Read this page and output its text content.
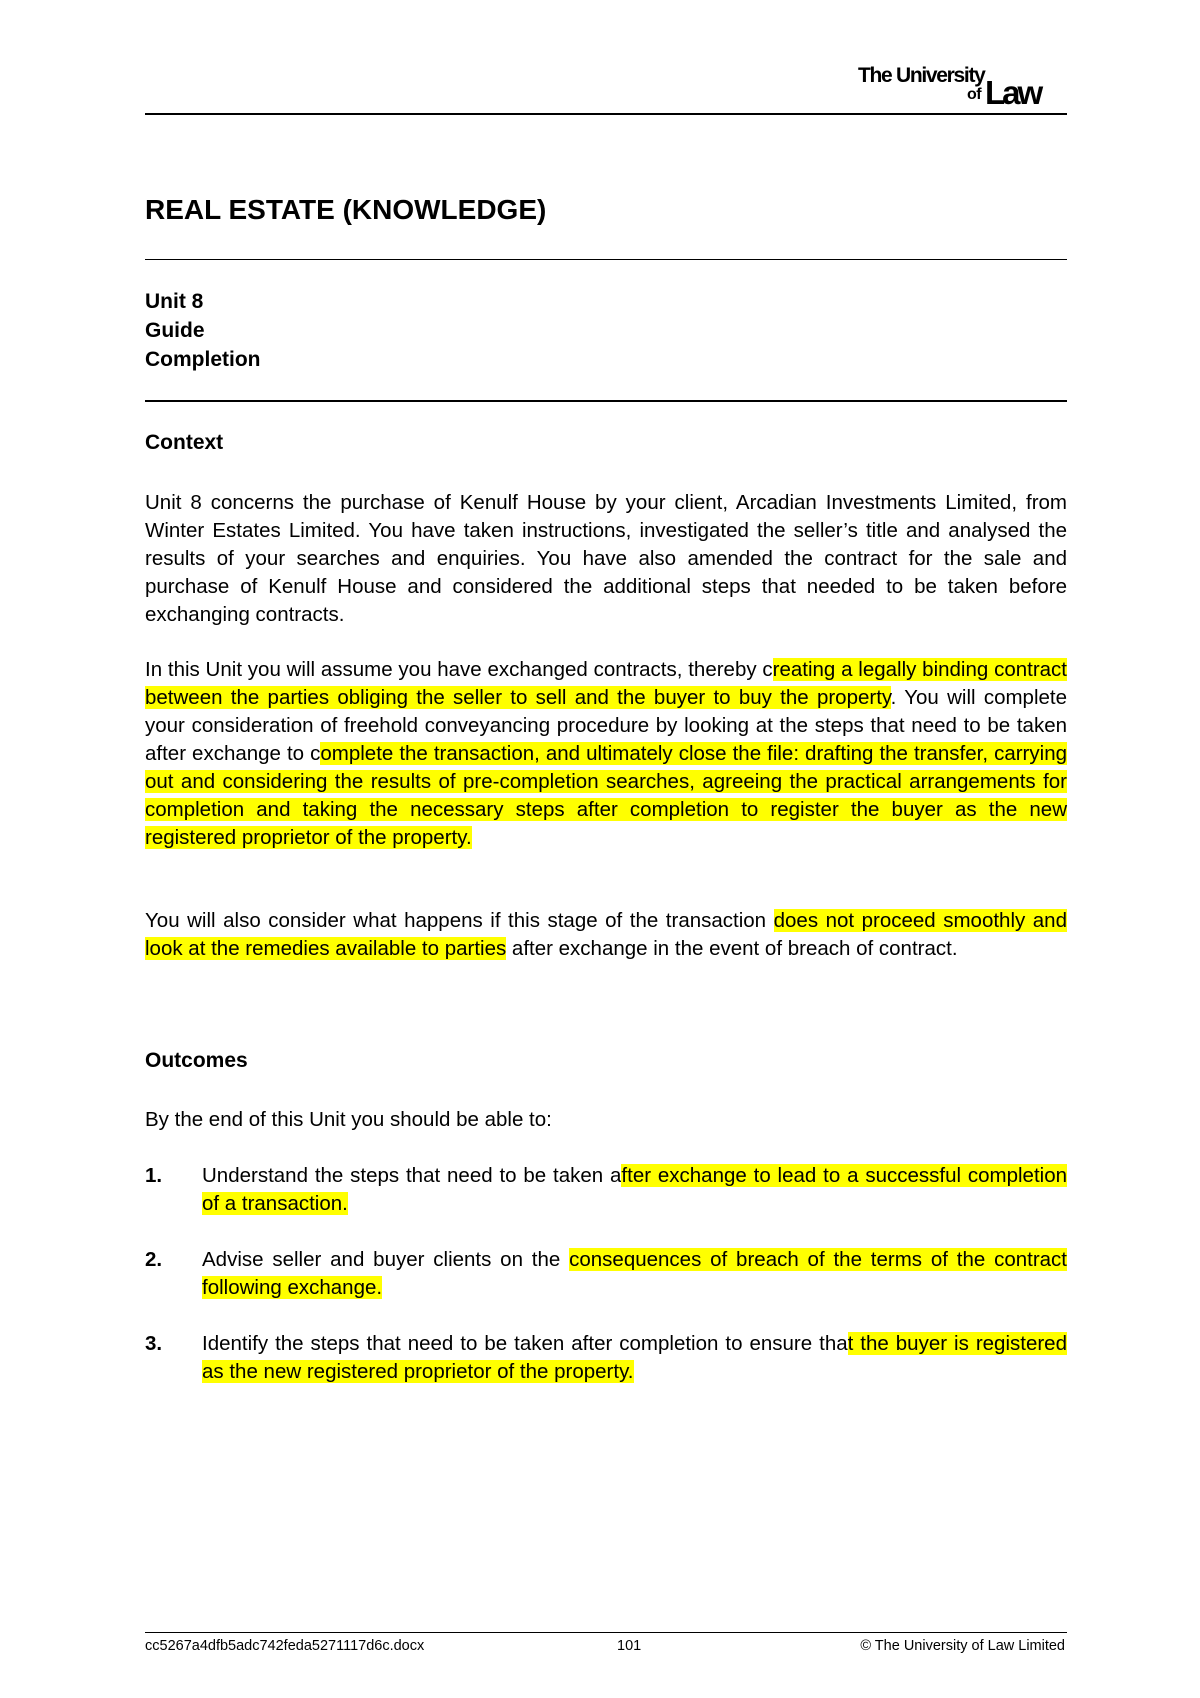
The University
of Law
REAL ESTATE (KNOWLEDGE)
Unit 8
Guide
Completion
Context

Unit 8 concerns the purchase of Kenulf House by your client, Arcadian Investments Limited, from Winter Estates Limited. You have taken instructions, investigated the seller’s title and analysed the results of your searches and enquiries. You have also amended the contract for the sale and purchase of Kenulf House and considered the additional steps that needed to be taken before exchanging contracts.

In this Unit you will assume you have exchanged contracts, thereby creating a legally binding contract between the parties obliging the seller to sell and the buyer to buy the property. You will complete your consideration of freehold conveyancing procedure by looking at the steps that need to be taken after exchange to complete the transaction, and ultimately close the file: drafting the transfer, carrying out and considering the results of pre-completion searches, agreeing the practical arrangements for completion and taking the necessary steps after completion to register the buyer as the new registered proprietor of the property.

You will also consider what happens if this stage of the transaction does not proceed smoothly and look at the remedies available to parties after exchange in the event of breach of contract.

Outcomes

By the end of this Unit you should be able to:

1. Understand the steps that need to be taken after exchange to lead to a successful completion of a transaction.
2. Advise seller and buyer clients on the consequences of breach of the terms of the contract following exchange.
3. Identify the steps that need to be taken after completion to ensure that the buyer is registered as the new registered proprietor of the property.
cc5267a4dfb5adc742feda5271117d6c.docx	101	© The University of Law Limited
